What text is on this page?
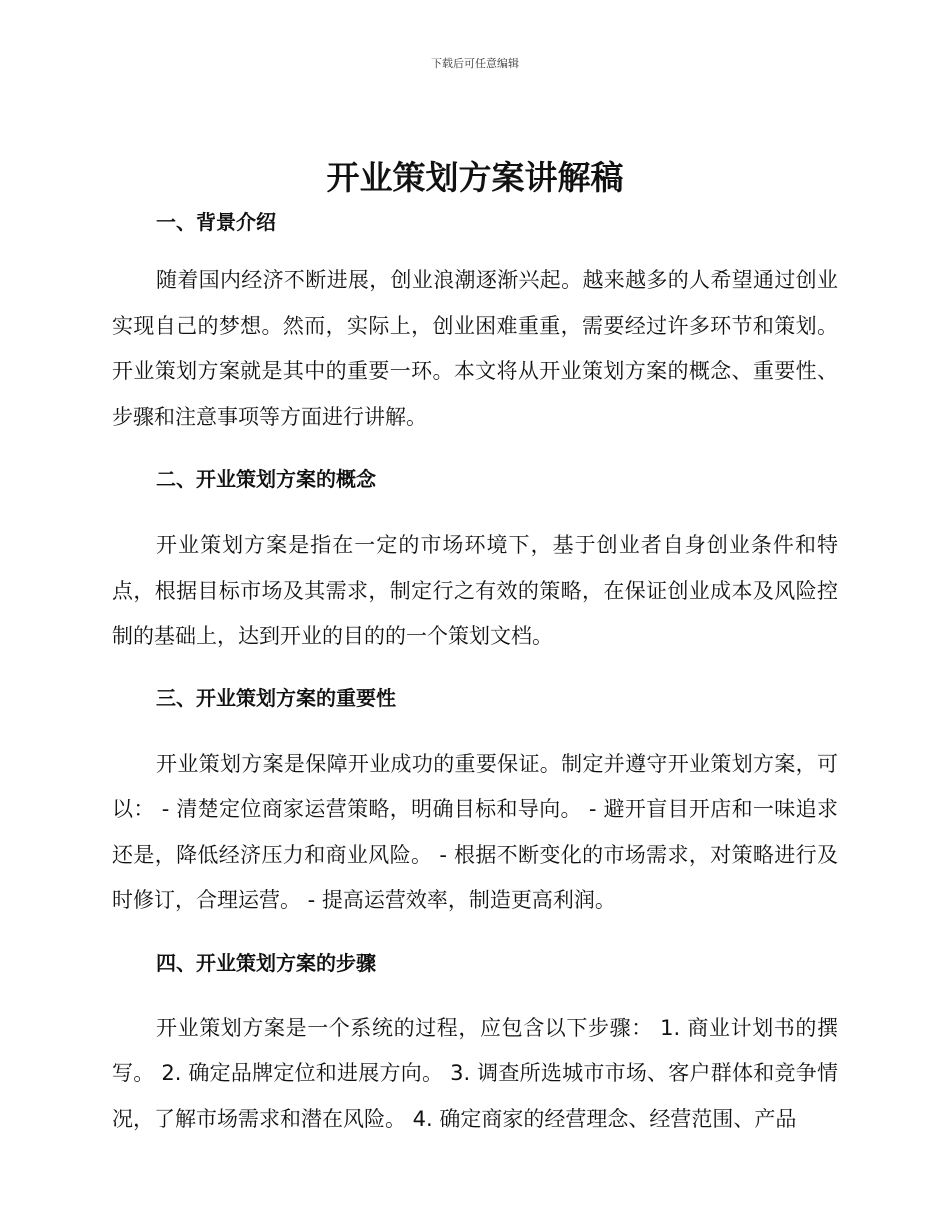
下载后可任意编辑
开业策划方案讲解稿
一、背景介绍

随着国内经济不断进展，创业浪潮逐渐兴起。越来越多的人希望通过创业实现自己的梦想。然而，实际上，创业困难重重，需要经过许多环节和策划。开业策划方案就是其中的重要一环。本文将从开业策划方案的概念、重要性、步骤和注意事项等方面进行讲解。

二、开业策划方案的概念

开业策划方案是指在一定的市场环境下，基于创业者自身创业条件和特点，根据目标市场及其需求，制定行之有效的策略，在保证创业成本及风险控制的基础上，达到开业的目的的一个策划文档。

三、开业策划方案的重要性

开业策划方案是保障开业成功的重要保证。制定并遵守开业策划方案，可以： - 清楚定位商家运营策略，明确目标和导向。 - 避开盲目开店和一味追求还是，降低经济压力和商业风险。 - 根据不断变化的市场需求，对策略进行及时修订，合理运营。 - 提高运营效率，制造更高利润。

四、开业策划方案的步骤

开业策划方案是一个系统的过程，应包含以下步骤： 1. 商业计划书的撰写。 2. 确定品牌定位和进展方向。 3. 调查所选城市市场、客户群体和竞争情况，了解市场需求和潜在风险。 4. 确定商家的经营理念、经营范围、产品
